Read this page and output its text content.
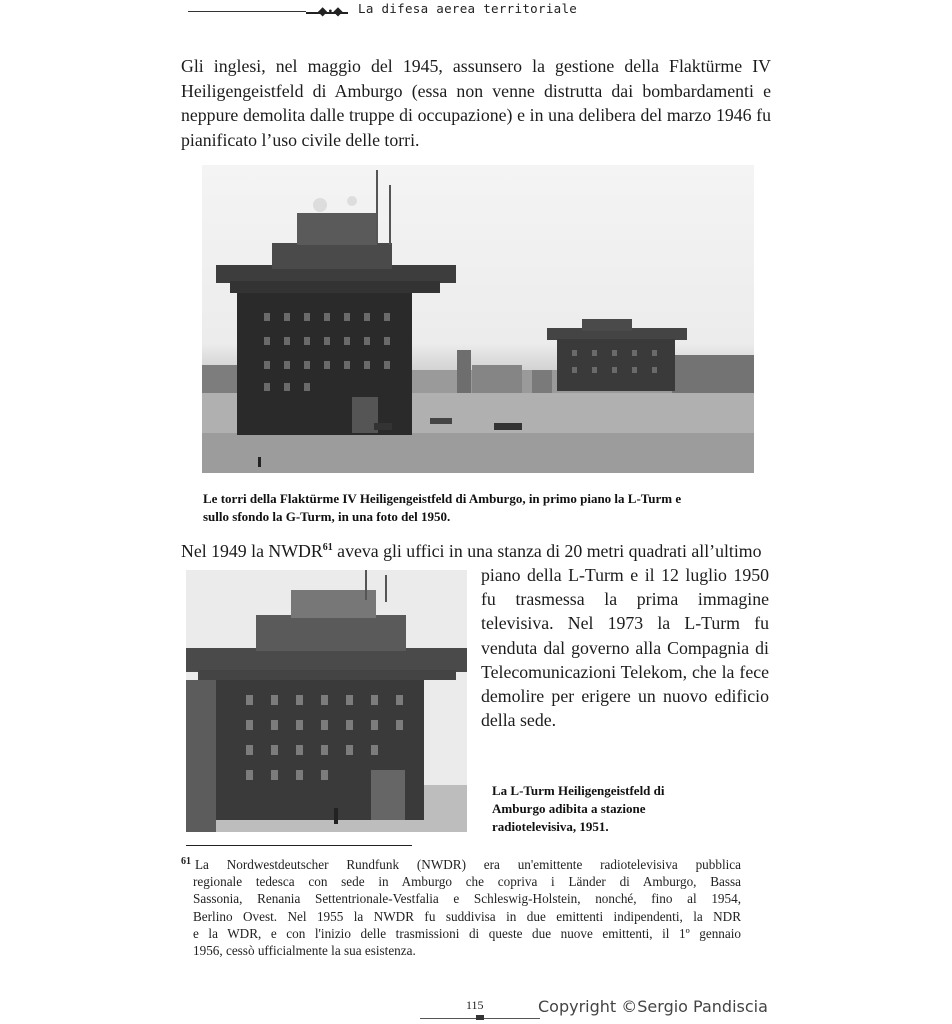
◆•◆ La difesa aerea territoriale
Gli inglesi, nel maggio del 1945, assunsero la gestione della Flaktürme IV
Heiligengeistfeld di Amburgo (essa non venne distrutta dai bombardamenti e
neppure demolita dalle truppe di occupazione) e in una delibera del marzo 1946 fu
pianificato l’uso civile delle torri.
Le torri della Flaktürme IV Heiligengeistfeld di Amburgo, in primo piano la L-Turm e
sullo sfondo la G-Turm, in una foto del 1950.
Nel 1949 la NWDR$^{61}$ aveva gli uffici in una stanza di 20 metri quadrati all’ultimo
piano della L-Turm e il 12 luglio 1950
fu trasmessa la prima immagine
televisiva. Nel 1973 la L-Turm fu
venduta dal governo alla Compagnia di
Telecomunicazioni Telekom, che la fece
demolire per erigere un nuovo edificio
della sede.
La L-Turm Heiligengeistfeld di
Amburgo adibita a stazione
radiotelevisiva, 1951.
$^{61}$ La Nordwestdeutscher Rundfunk (NWDR) era un'emittente radiotelevisiva pubblica
regionale tedesca con sede in Amburgo che copriva i Länder di Amburgo, Bassa
Sassonia, Renania Settentrionale-Vestfalia e Schleswig-Holstein, nonché, fino al 1954,
Berlino Ovest. Nel 1955 la NWDR fu suddivisa in due emittenti indipendenti, la NDR
e la WDR, e con l'inizio delle trasmissioni di queste due nuove emittenti, il 1º gennaio
1956, cessò ufficialmente la sua esistenza.
115	Copyright ©Sergio Pandiscia
